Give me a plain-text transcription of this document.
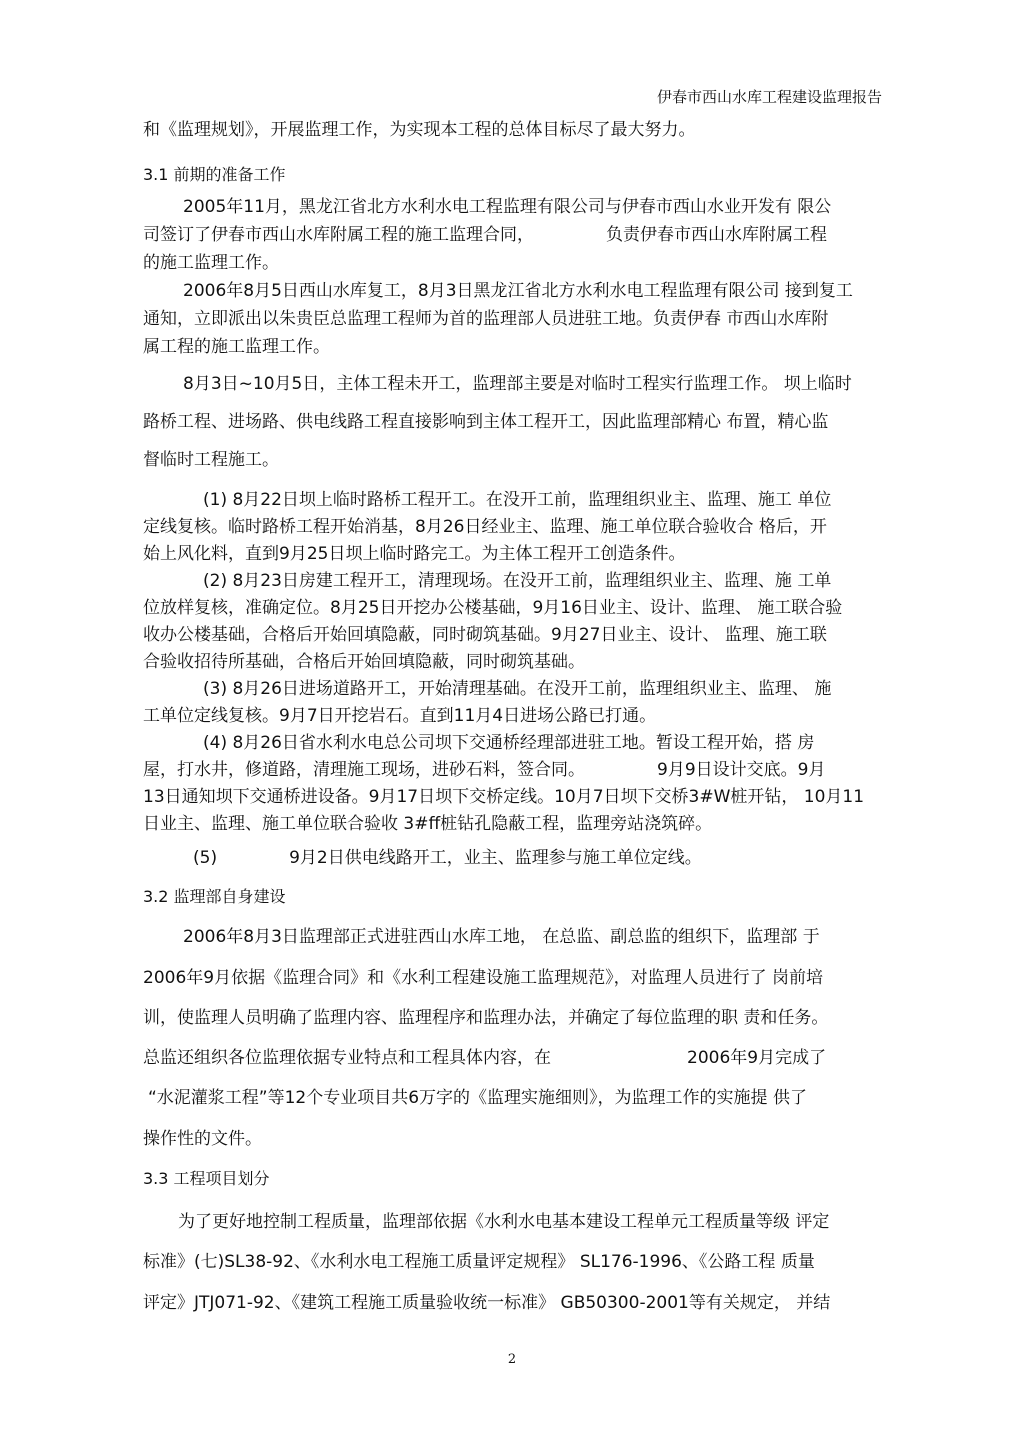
伊春市西山水库工程建设监理报告
和《监理规划》，开展监理工作，为实现本工程的总体目标尽了最大努力。
3.1 前期的准备工作
2005年11月，黑龙江省北方水利水电工程监理有限公司与伊春市西山水业开发有 限公
司签订了伊春市西山水库附属工程的施工监理合同，	负责伊春市西山水库附属工程
的施工监理工作。
2006年8月5日西山水库复工，8月3日黑龙江省北方水利水电工程监理有限公司 接到复工
通知，立即派出以朱贵臣总监理工程师为首的监理部人员进驻工地。负责伊春 市西山水库附
属工程的施工监理工作。
8月3日~10月5日，主体工程未开工，监理部主要是对临时工程实行监理工作。 坝上临时
路桥工程、进场路、供电线路工程直接影响到主体工程开工，因此监理部精心 布置，精心监
督临时工程施工。
(1) 8月22日坝上临时路桥工程开工。在没开工前，监理组织业主、监理、施工 单位
定线复核。临时路桥工程开始消基，8月26日经业主、监理、施工单位联合验收合 格后，开
始上风化料，直到9月25日坝上临时路完工。为主体工程开工创造条件。
(2) 8月23日房建工程开工，清理现场。在没开工前，监理组织业主、监理、施 工单
位放样复核，准确定位。8月25日开挖办公楼基础，9月16日业主、设计、监理、 施工联合验
收办公楼基础，合格后开始回填隐蔽，同时砌筑基础。9月27日业主、设计、 监理、施工联
合验收招待所基础，合格后开始回填隐蔽，同时砌筑基础。
(3) 8月26日进场道路开工，开始清理基础。在没开工前，监理组织业主、监理、 施
工单位定线复核。9月7日开挖岩石。直到11月4日进场公路已打通。
(4) 8月26日省水利水电总公司坝下交通桥经理部进驻工地。暂设工程开始，搭 房
屋，打水井，修道路，清理施工现场，进砂石料，签合同。	9月9日设计交底。9月
13日通知坝下交通桥进设备。9月17日坝下交桥定线。10月7日坝下交桥3#W桩开钻， 10月11
日业主、监理、施工单位联合验收 3#ff桩钻孔隐蔽工程，监理旁站浇筑碎。
(5)	9月2日供电线路开工，业主、监理参与施工单位定线。
3.2 监理部自身建设
2006年8月3日监理部正式进驻西山水库工地， 在总监、副总监的组织下，监理部 于
2006年9月依据《监理合同》和《水利工程建设施工监理规范》，对监理人员进行了 岗前培
训，使监理人员明确了监理内容、监理程序和监理办法，并确定了每位监理的职 责和任务。
总监还组织各位监理依据专业特点和工程具体内容，在	2006年9月完成了
“水泥灌浆工程”等12个专业项目共6万字的《监理实施细则》，为监理工作的实施提 供了
操作性的文件。
3.3 工程项目划分
为了更好地控制工程质量，监理部依据《水利水电基本建设工程单元工程质量等级 评定
标准》(七)SL38-92、《水利水电工程施工质量评定规程》 SL176-1996、《公路工程 质量
评定》JTJ071-92、《建筑工程施工质量验收统一标准》 GB50300-2001等有关规定， 并结
2
